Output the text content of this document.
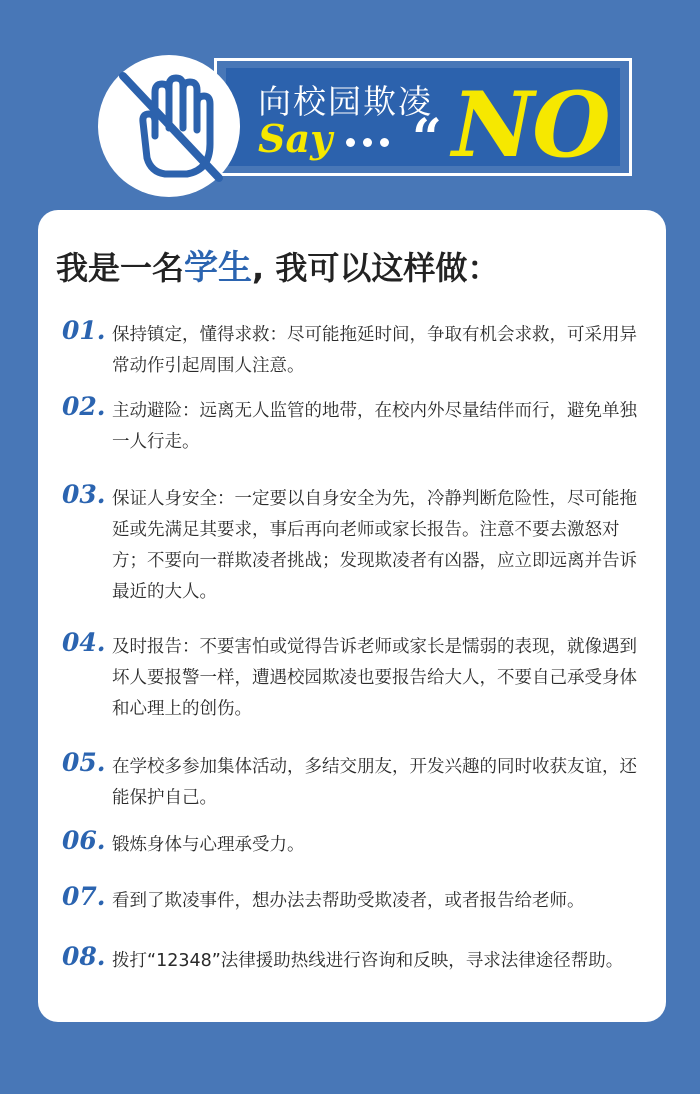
向校园欺凌
Say “ NO
我是一名学生, 我可以这样做：
01. 保持镇定，懂得求救：尽可能拖延时间，争取有机会求救，可采用异常动作引起周围人注意。
02. 主动避险：远离无人监管的地带，在校内外尽量结伴而行，避免单独一人行走。
03. 保证人身安全：一定要以自身安全为先，冷静判断危险性，尽可能拖延或先满足其要求，事后再向老师或家长报告。注意不要去激怒对方；不要向一群欺凌者挑战；发现欺凌者有凶器，应立即远离并告诉最近的大人。
04. 及时报告：不要害怕或觉得告诉老师或家长是懦弱的表现，就像遇到坏人要报警一样，遭遇校园欺凌也要报告给大人，不要自己承受身体和心理上的创伤。
05. 在学校多参加集体活动，多结交朋友，开发兴趣的同时收获友谊，还能保护自己。
06. 锻炼身体与心理承受力。
07. 看到了欺凌事件，想办法去帮助受欺凌者，或者报告给老师。
08. 拨打“12348”法律援助热线进行咨询和反映，寻求法律途径帮助。
